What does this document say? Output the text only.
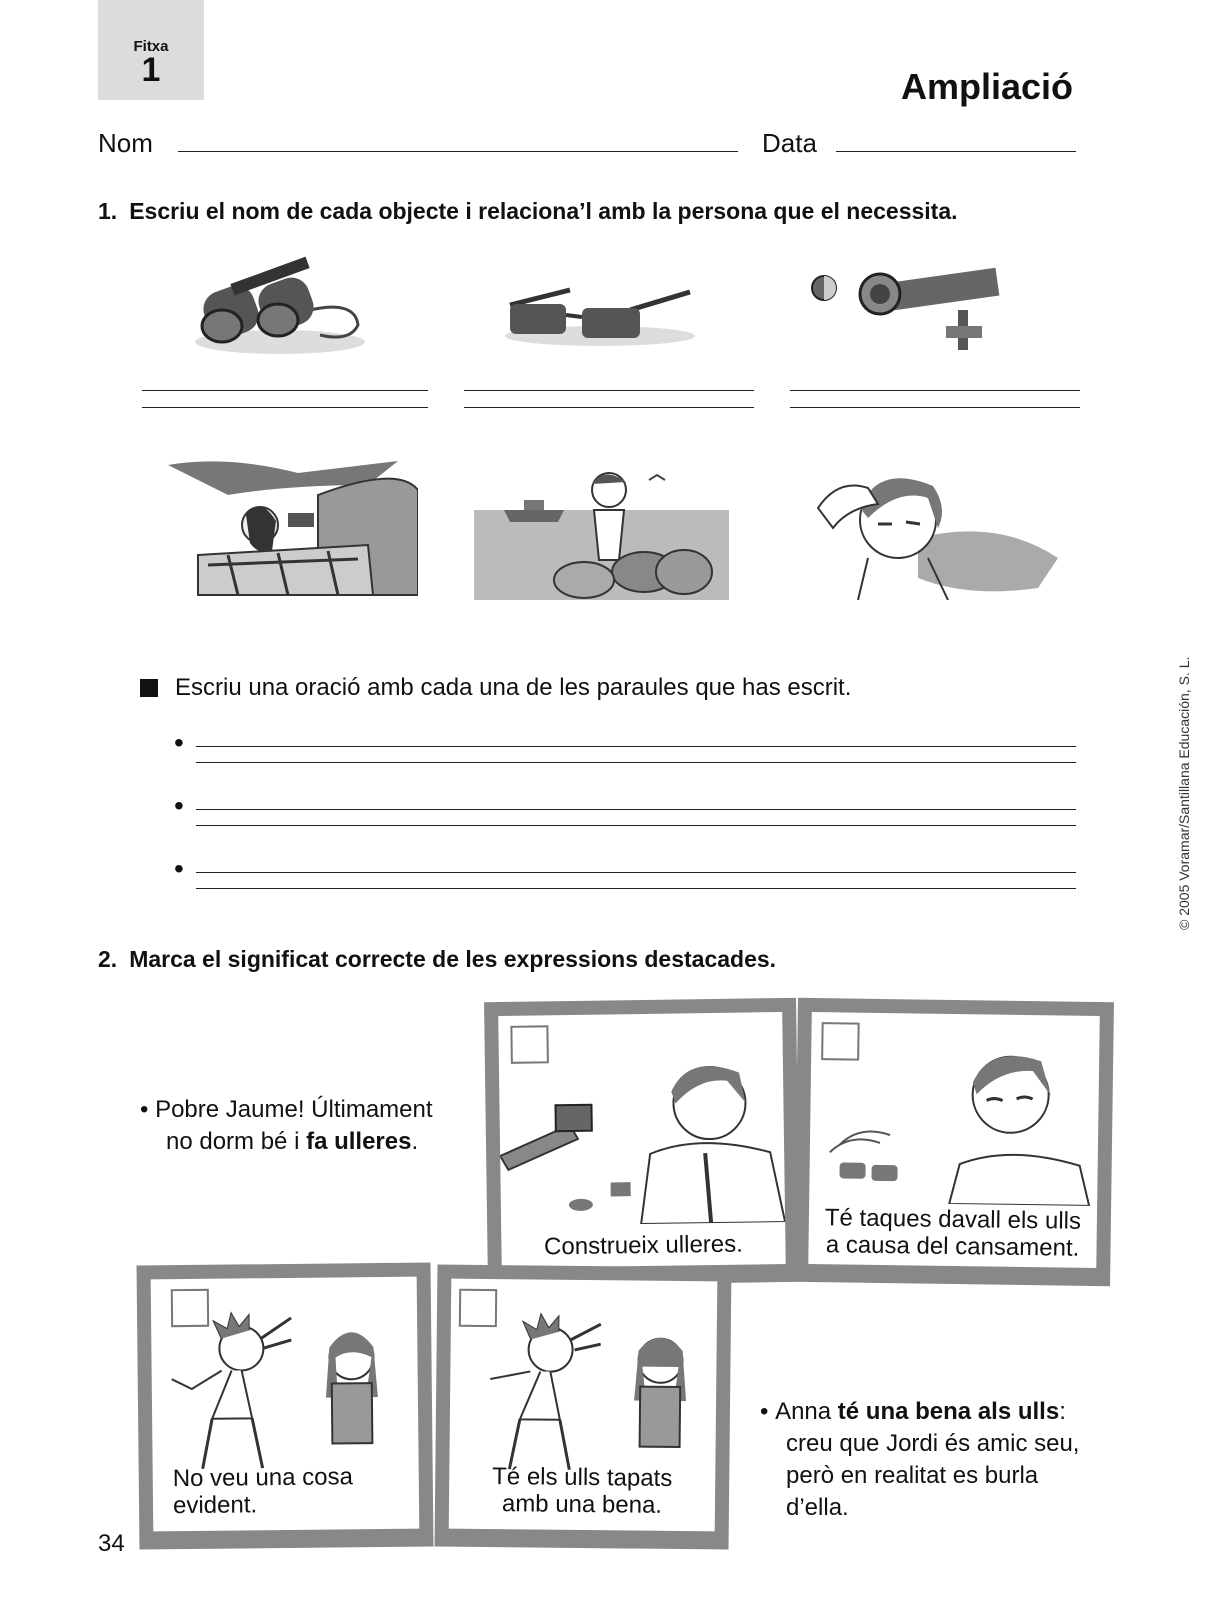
Fitxa
1	Ampliació
Nom	Data
1. Escriu el nom de cada objecte i relaciona’l amb la persona que el necessita.
Escriu una oració amb cada una de les paraules que has escrit.
•
•
•
2. Marca el significat correcte de les expressions destacades.
• Pobre Jaume! Últimament
no dorm bé i fa ulleres.
Construeix ulleres.
Té taques davall els ulls
a causa del cansament.
No veu una cosa
evident.
Té els ulls tapats
amb una bena.
• Anna té una bena als ulls:
creu que Jordi és amic seu,
però en realitat es burla
d’ella.
© 2005 Voramar/Santillana Educación, S. L.
34
